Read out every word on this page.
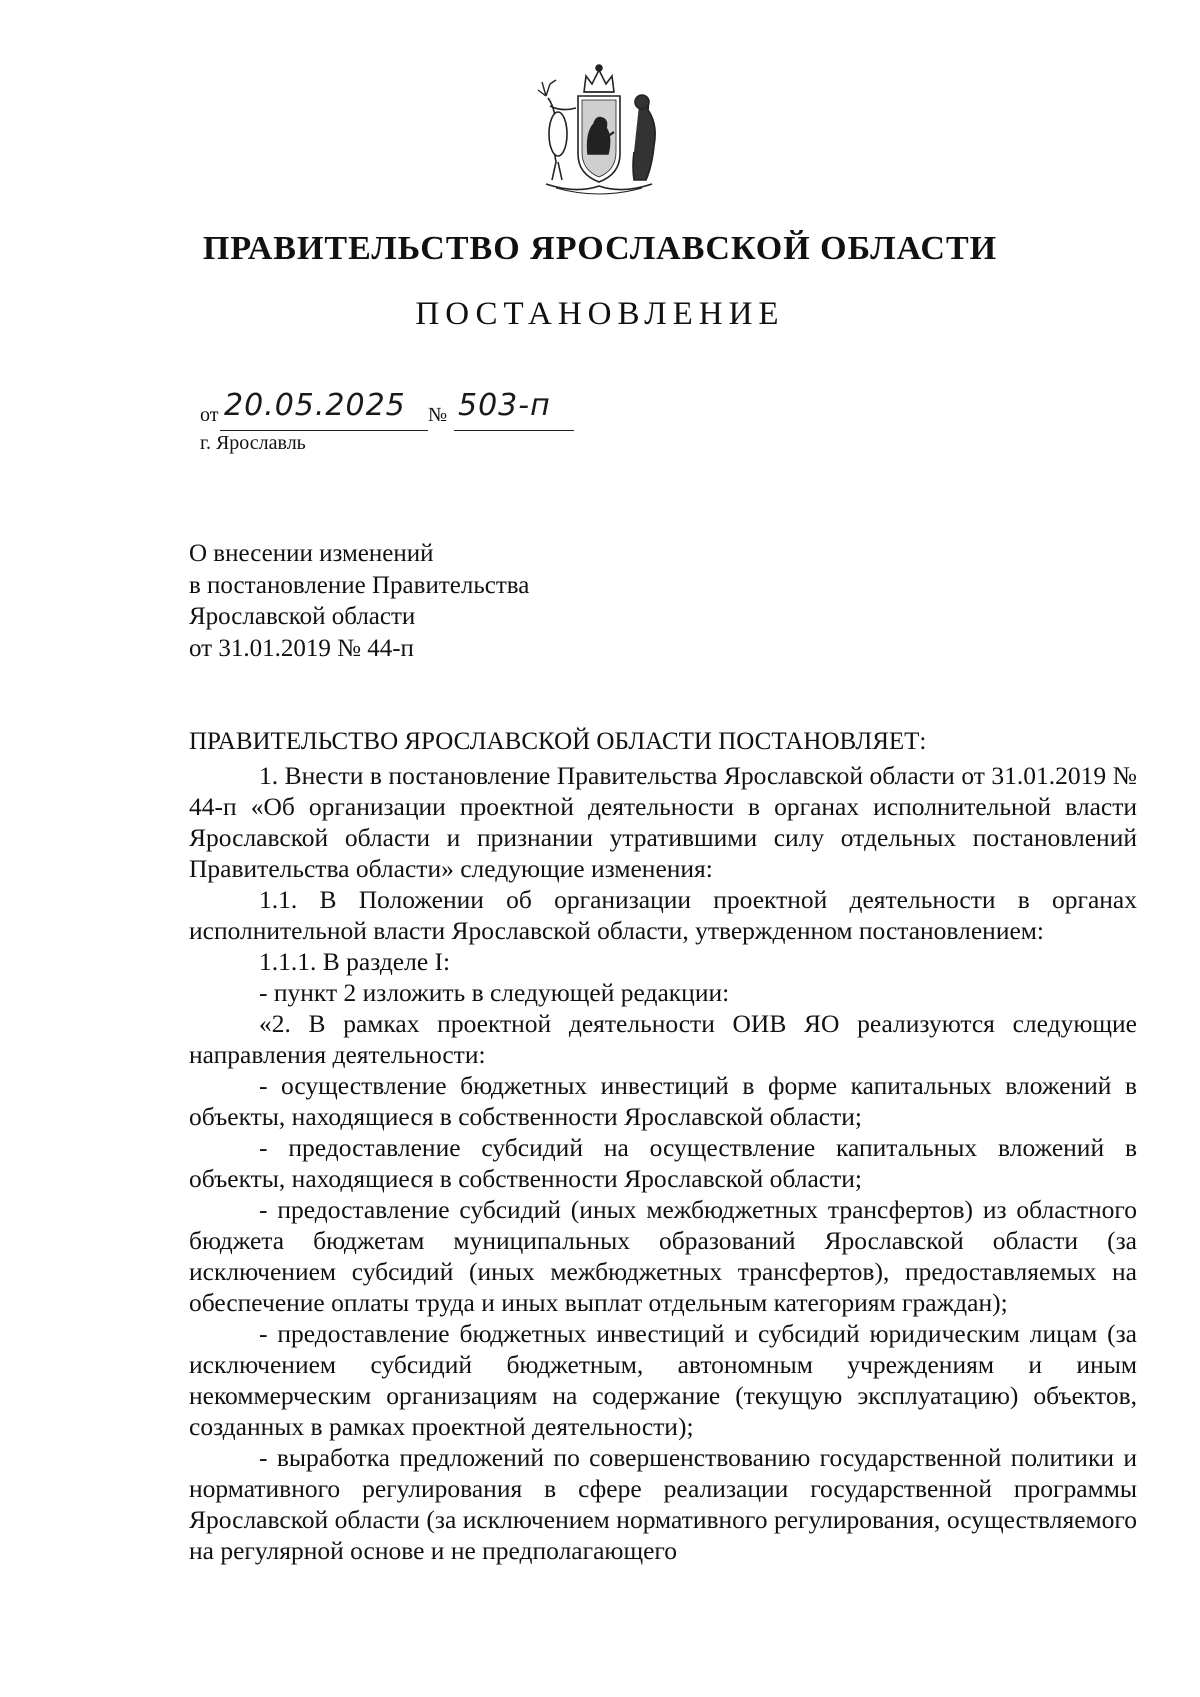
ПРАВИТЕЛЬСТВО ЯРОСЛАВСКОЙ ОБЛАСТИ
ПОСТАНОВЛЕНИЕ
от 20.05.2025 № 503-п
г. Ярославль
О внесении изменений
в постановление Правительства
Ярославской области
от 31.01.2019 № 44-п
ПРАВИТЕЛЬСТВО ЯРОСЛАВСКОЙ ОБЛАСТИ ПОСТАНОВЛЯЕТ:

1. Внести в постановление Правительства Ярославской области от 31.01.2019 № 44-п «Об организации проектной деятельности в органах исполнительной власти Ярославской области и признании утратившими силу отдельных постановлений Правительства области» следующие изменения:

1.1. В Положении об организации проектной деятельности в органах исполнительной власти Ярославской области, утвержденном постановлением:

1.1.1. В разделе I:

- пункт 2 изложить в следующей редакции:

«2. В рамках проектной деятельности ОИВ ЯО реализуются следующие направления деятельности:

- осуществление бюджетных инвестиций в форме капитальных вложений в объекты, находящиеся в собственности Ярославской области;

- предоставление субсидий на осуществление капитальных вложений в объекты, находящиеся в собственности Ярославской области;

- предоставление субсидий (иных межбюджетных трансфертов) из областного бюджета бюджетам муниципальных образований Ярославской области (за исключением субсидий (иных межбюджетных трансфертов), предоставляемых на обеспечение оплаты труда и иных выплат отдельным категориям граждан);

- предоставление бюджетных инвестиций и субсидий юридическим лицам (за исключением субсидий бюджетным, автономным учреждениям и иным некоммерческим организациям на содержание (текущую эксплуатацию) объектов, созданных в рамках проектной деятельности);

- выработка предложений по совершенствованию государственной политики и нормативного регулирования в сфере реализации государственной программы Ярославской области (за исключением нормативного регулирования, осуществляемого на регулярной основе и не предполагающего
